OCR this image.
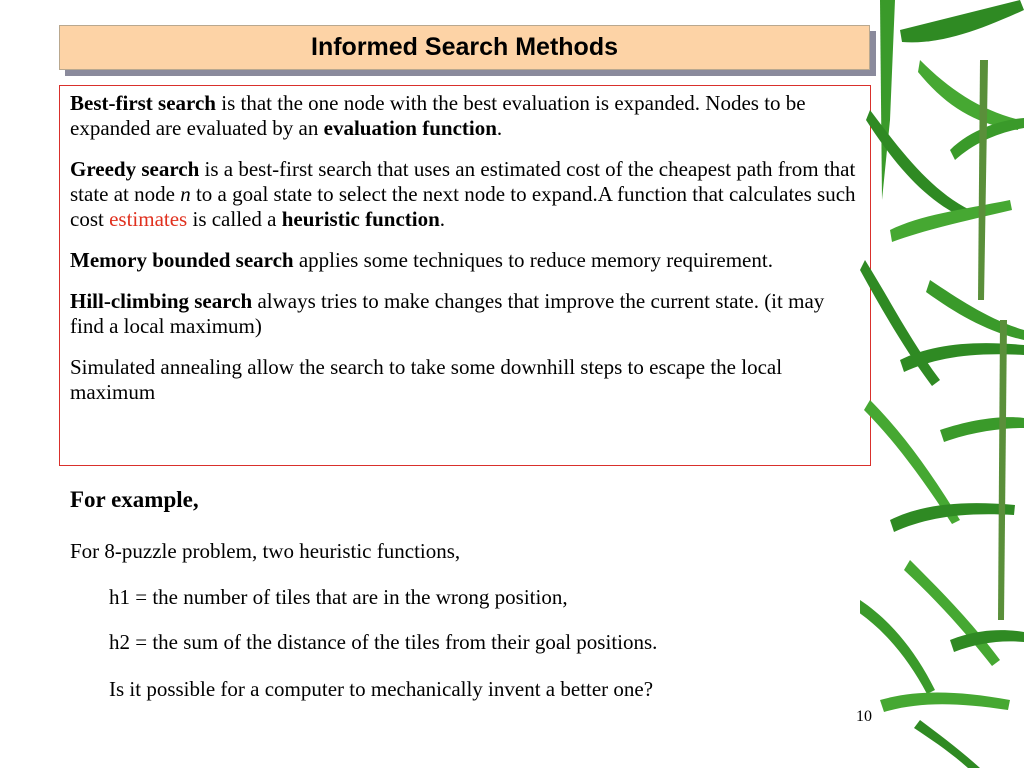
Informed Search Methods

Best-first search is that the one node with the best evaluation is expanded. Nodes to be expanded are evaluated by an evaluation function.

Greedy search is a best-first search that uses an estimated cost of the cheapest path from that state at node n to a goal state to select the next node to expand.A function that calculates such cost estimates is called a heuristic function.

Memory bounded search applies some techniques to reduce memory requirement.

Hill-climbing search always tries to make changes that improve the current state. (it may find a local maximum)

Simulated annealing allow the search to take some downhill steps to escape the local maximum

For example,

For 8-puzzle problem, two heuristic functions,

h1 = the number of tiles that are in the wrong position,

h2 = the sum of the distance of the tiles from their goal positions.

Is it possible for a computer to mechanically invent a better one?

10
